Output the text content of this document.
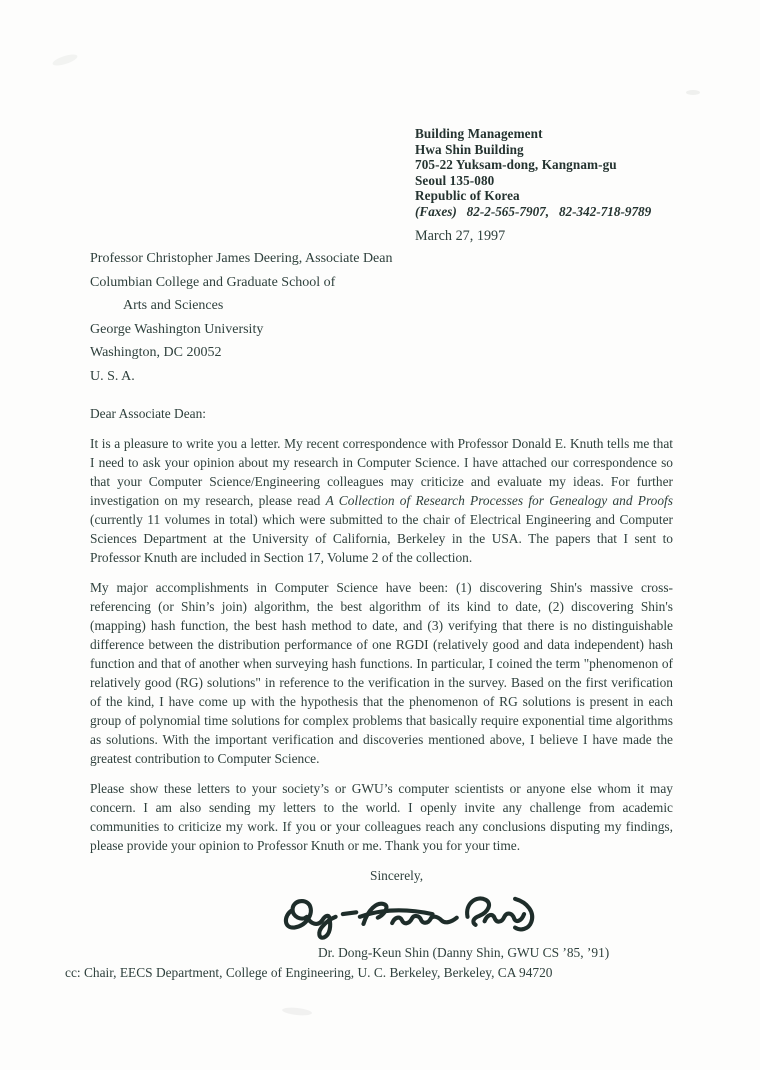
Building Management
Hwa Shin Building
705-22 Yuksam-dong, Kangnam-gu
Seoul 135-080
Republic of Korea
(Faxes)   82-2-565-7907,   82-342-718-9789
March 27, 1997
Professor Christopher James Deering, Associate Dean
Columbian College and Graduate School of
Arts and Sciences
George Washington University
Washington, DC 20052
U. S. A.
Dear Associate Dean:

It is a pleasure to write you a letter. My recent correspondence with Professor Donald E. Knuth tells me that I need to ask your opinion about my research in Computer Science. I have attached our correspondence so that your Computer Science/Engineering colleagues may criticize and evaluate my ideas. For further investigation on my research, please read A Collection of Research Processes for Genealogy and Proofs (currently 11 volumes in total) which were submitted to the chair of Electrical Engineering and Computer Sciences Department at the University of California, Berkeley in the USA. The papers that I sent to Professor Knuth are included in Section 17, Volume 2 of the collection.

My major accomplishments in Computer Science have been: (1) discovering Shin's massive cross-referencing (or Shin’s join) algorithm, the best algorithm of its kind to date, (2) discovering Shin's (mapping) hash function, the best hash method to date, and (3) verifying that there is no distinguishable difference between the distribution performance of one RGDI (relatively good and data independent) hash function and that of another when surveying hash functions. In particular, I coined the term "phenomenon of relatively good (RG) solutions" in reference to the verification in the survey. Based on the first verification of the kind, I have come up with the hypothesis that the phenomenon of RG solutions is present in each group of polynomial time solutions for complex problems that basically require exponential time algorithms as solutions. With the important verification and discoveries mentioned above, I believe I have made the greatest contribution to Computer Science.

Please show these letters to your society’s or GWU’s computer scientists or anyone else whom it may concern. I am also sending my letters to the world. I openly invite any challenge from academic communities to criticize my work. If you or your colleagues reach any conclusions disputing my findings, please provide your opinion to Professor Knuth or me. Thank you for your time.

Sincerely,
Dr. Dong-Keun Shin (Danny Shin, GWU CS ’85, ’91)
cc: Chair, EECS Department, College of Engineering, U. C. Berkeley, Berkeley, CA 94720
